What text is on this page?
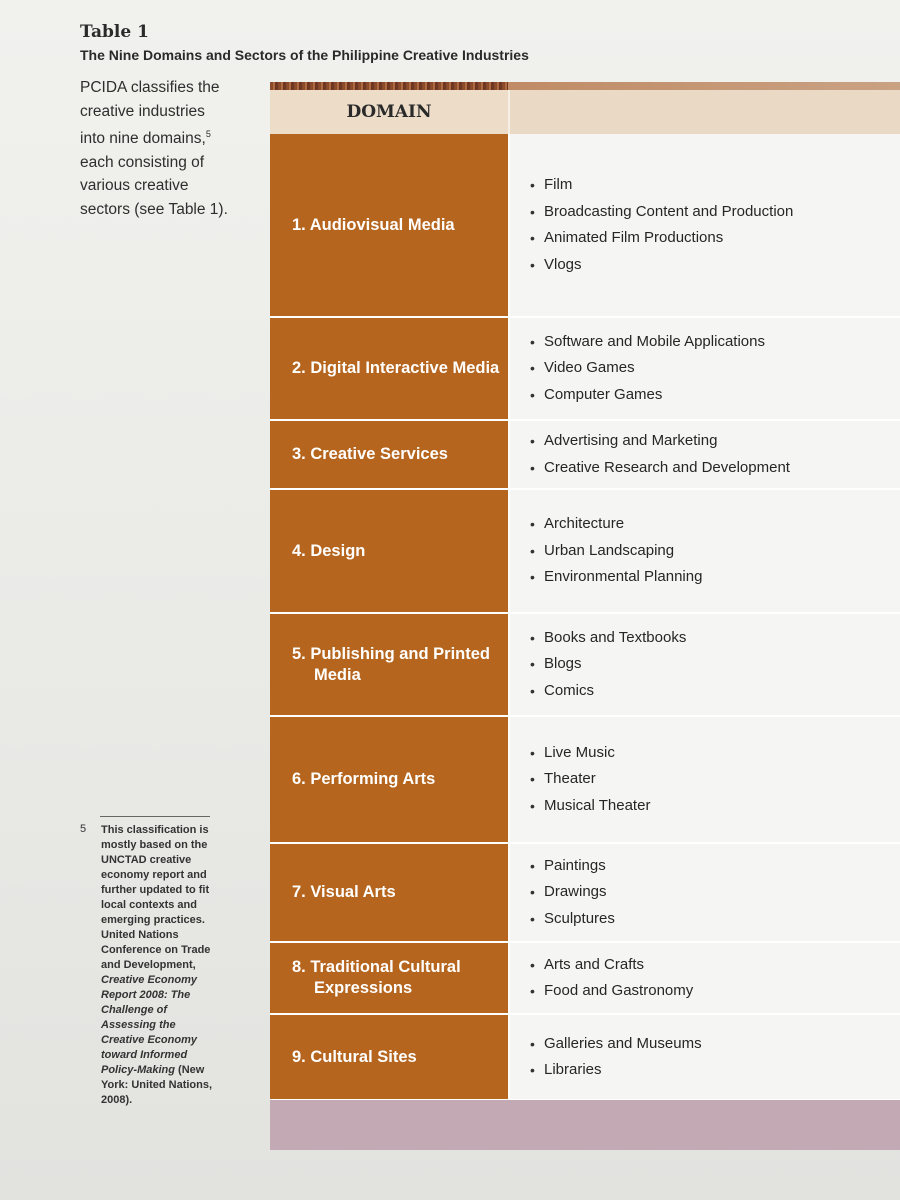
Table 1
The Nine Domains and Sectors of the Philippine Creative Industries
PCIDA classifies the
creative industries
into nine domains,$^5$
each consisting of
various creative
sectors (see Table 1).
5 This classification is mostly based on the UNCTAD creative economy report and further updated to fit local contexts and emerging practices. United Nations Conference on Trade and Development, Creative Economy Report 2008: The Challenge of Assessing the Creative Economy toward Informed Policy-Making (New York: United Nations, 2008).
DOMAIN
1. Audiovisual Media
• Film
• Broadcasting Content and Production
• Animated Film Productions
• Vlogs
2. Digital Interactive Media
• Software and Mobile Applications
• Video Games
• Computer Games
3. Creative Services
• Advertising and Marketing
• Creative Research and Development
4. Design
• Architecture
• Urban Landscaping
• Environmental Planning
5. Publishing and Printed Media
• Books and Textbooks
• Blogs
• Comics
6. Performing Arts
• Live Music
• Theater
• Musical Theater
7. Visual Arts
• Paintings
• Drawings
• Sculptures
8. Traditional Cultural Expressions
• Arts and Crafts
• Food and Gastronomy
9. Cultural Sites
• Galleries and Museums
• Libraries
